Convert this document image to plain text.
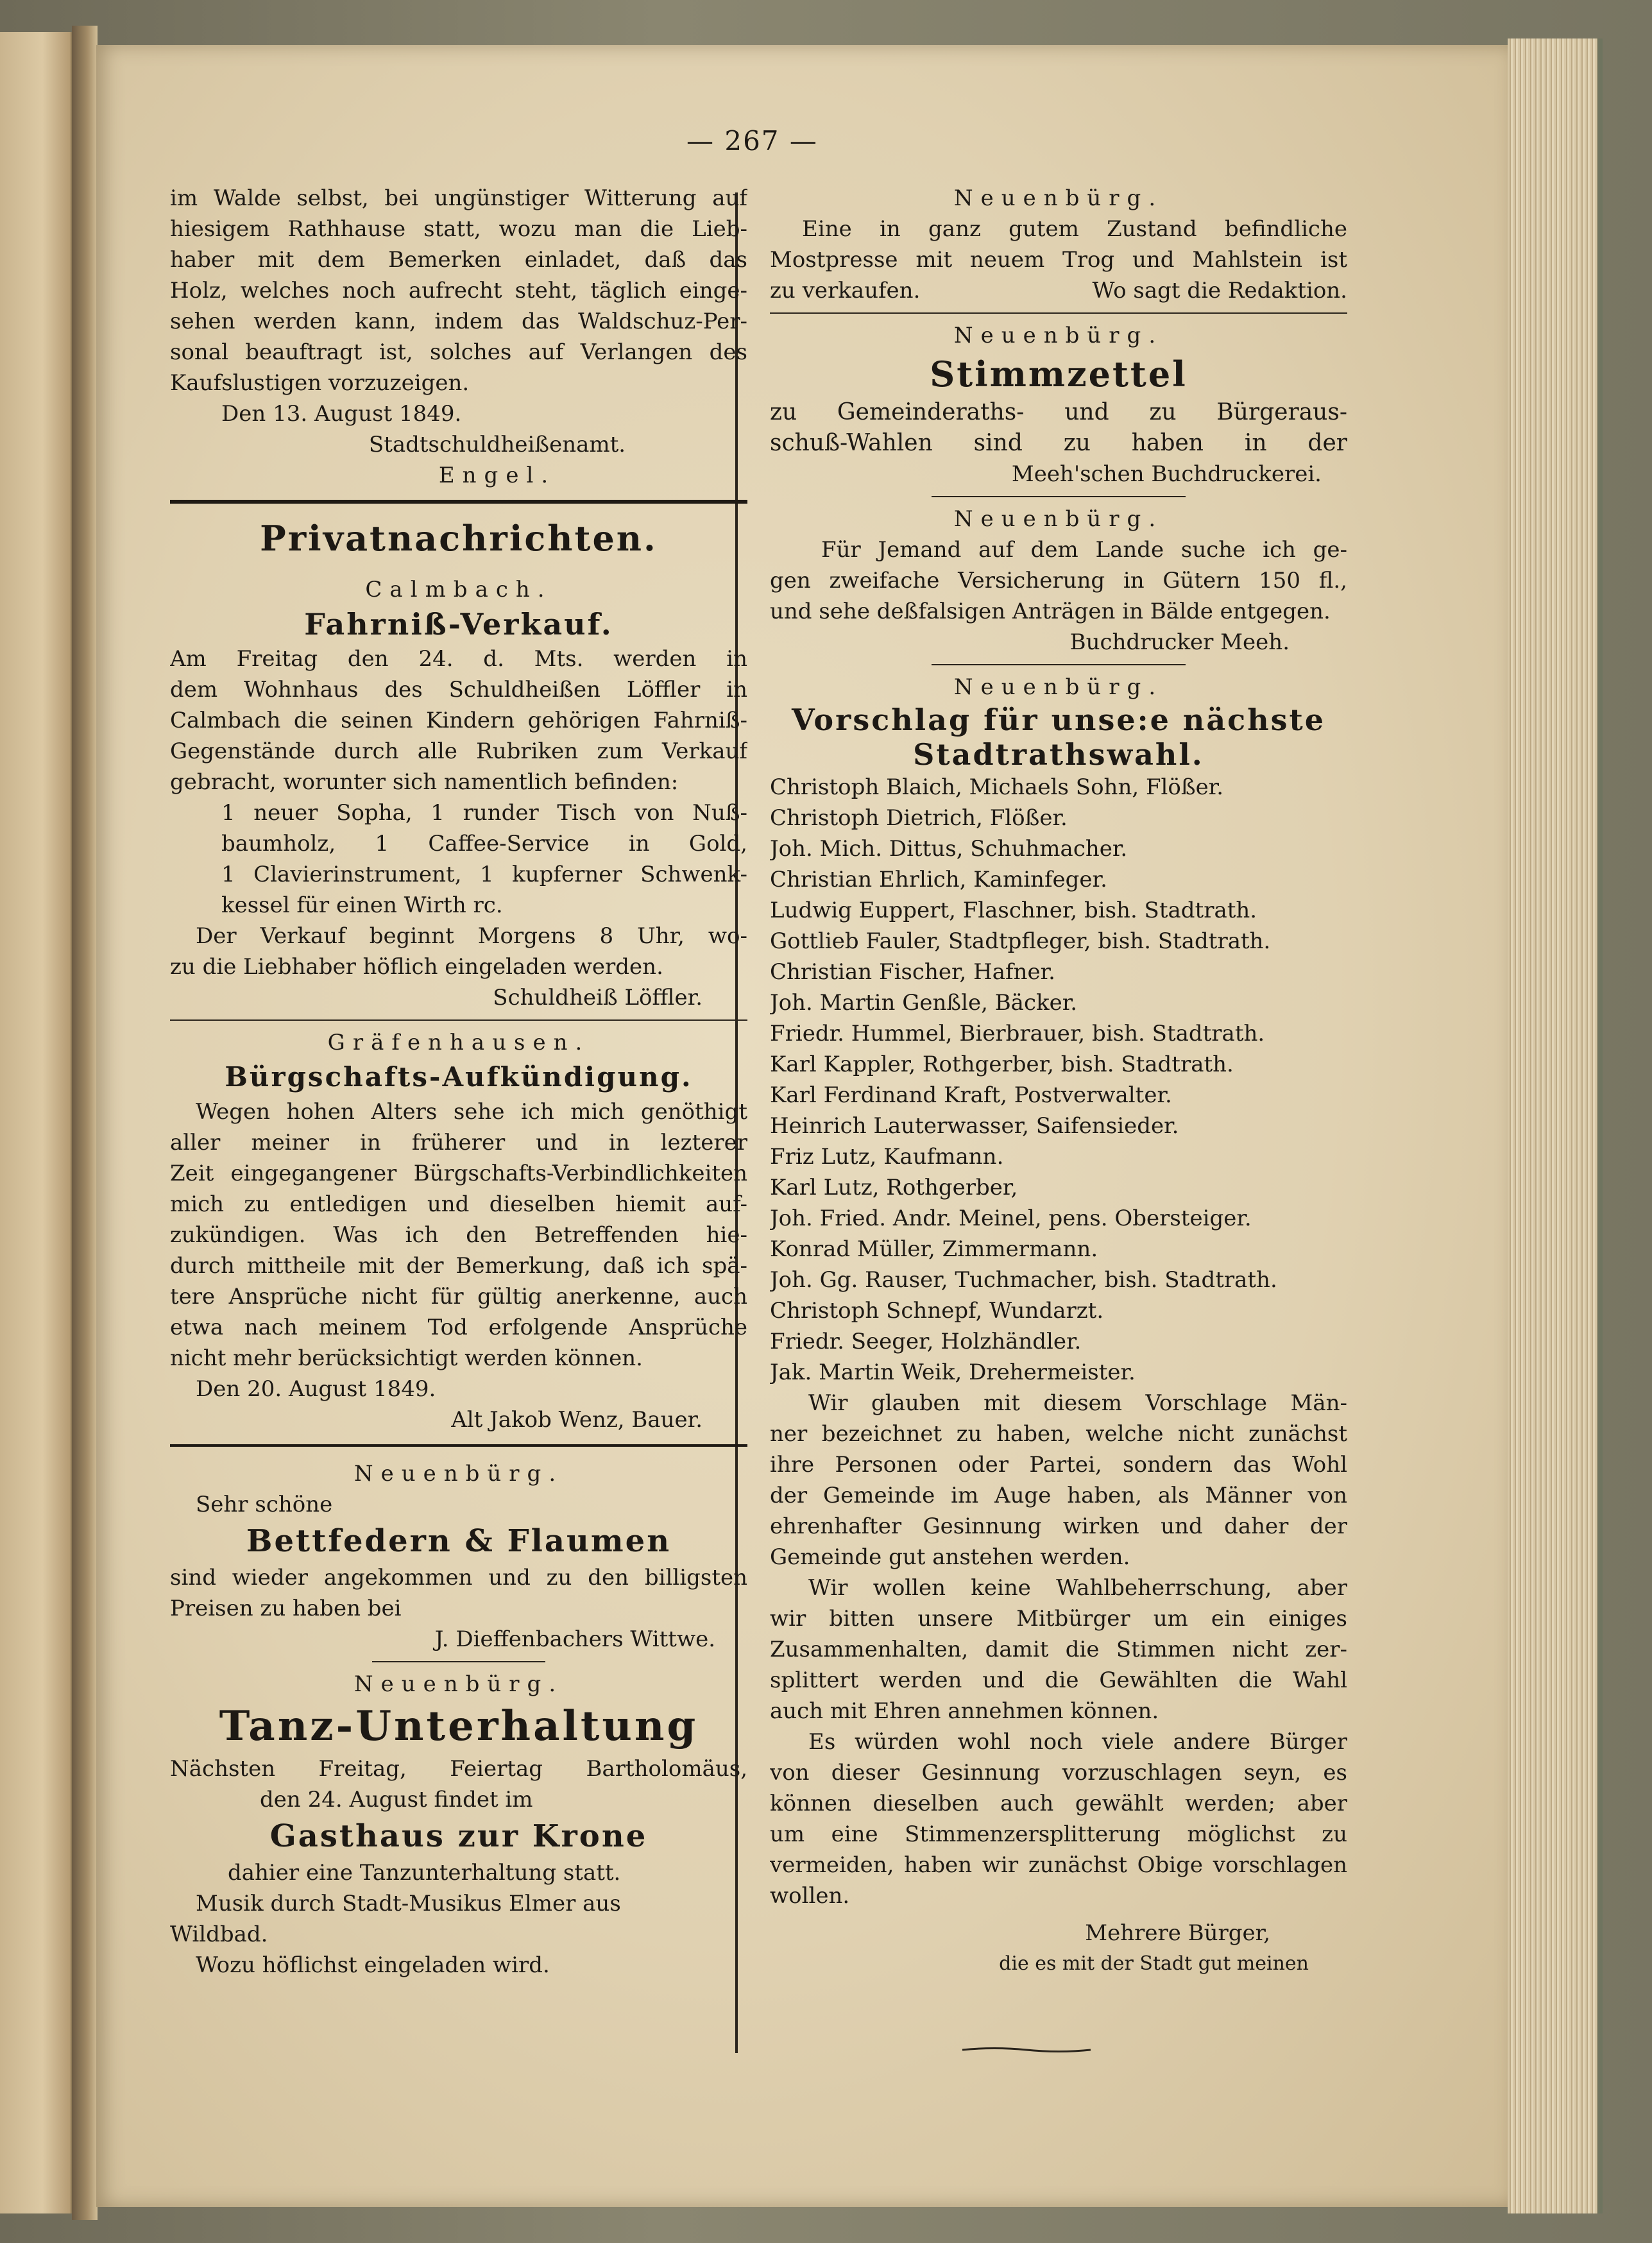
— 267 —
im Walde selbst, bei ungünstiger Witterung auf
hiesigem Rathhause statt, wozu man die Lieb-
haber mit dem Bemerken einladet, daß das
Holz, welches noch aufrecht steht, täglich einge-
sehen werden kann, indem das Waldschuz-Per-
sonal beauftragt ist, solches auf Verlangen des
Kaufslustigen vorzuzeigen.
Den 13. August 1849.
Stadtschuldheißenamt.
Engel.
Privatnachrichten.
Calmbach.
Fahrniß-Verkauf.
Am Freitag den 24. d. Mts. werden in
dem Wohnhaus des Schuldheißen Löffler in
Calmbach die seinen Kindern gehörigen Fahrniß-
Gegenstände durch alle Rubriken zum Verkauf
gebracht, worunter sich namentlich befinden:
1 neuer Sopha, 1 runder Tisch von Nuß-
baumholz, 1 Caffee-Service in Gold,
1 Clavierinstrument, 1 kupferner Schwenk-
kessel für einen Wirth rc.
Der Verkauf beginnt Morgens 8 Uhr, wo-
zu die Liebhaber höflich eingeladen werden.
Schuldheiß Löffler.
Gräfenhausen.
Bürgschafts-Aufkündigung.
Wegen hohen Alters sehe ich mich genöthigt
aller meiner in früherer und in lezterer
Zeit eingegangener Bürgschafts-Verbindlichkeiten
mich zu entledigen und dieselben hiemit auf-
zukündigen. Was ich den Betreffenden hie-
durch mittheile mit der Bemerkung, daß ich spä-
tere Ansprüche nicht für gültig anerkenne, auch
etwa nach meinem Tod erfolgende Ansprüche
nicht mehr berücksichtigt werden können.
Den 20. August 1849.
Alt Jakob Wenz, Bauer.
Neuenbürg.
Sehr schöne
Bettfedern & Flaumen
sind wieder angekommen und zu den billigsten
Preisen zu haben bei
J. Dieffenbachers Wittwe.
Neuenbürg.
Tanz-Unterhaltung
Nächsten Freitag, Feiertag Bartholomäus,
den 24. August findet im
Gasthaus zur Krone
dahier eine Tanzunterhaltung statt.
Musik durch Stadt-Musikus Elmer aus
Wildbad.
Wozu höflichst eingeladen wird.
Neuenbürg.
Eine in ganz gutem Zustand befindliche
Mostpresse mit neuem Trog und Mahlstein ist
zu verkaufen.	Wo sagt die Redaktion.
Neuenbürg.
Stimmzettel
zu Gemeinderaths- und zu Bürgeraus-
schuß-Wahlen sind zu haben in der
Meeh'schen Buchdruckerei.
Neuenbürg.
Für Jemand auf dem Lande suche ich ge-
gen zweifache Versicherung in Gütern 150 fl.,
und sehe deßfalsigen Anträgen in Bälde entgegen.
Buchdrucker Meeh.
Neuenbürg.
Vorschlag für unse:e nächste
Stadtrathswahl.
Christoph Blaich, Michaels Sohn, Flößer.
Christoph Dietrich, Flößer.
Joh. Mich. Dittus, Schuhmacher.
Christian Ehrlich, Kaminfeger.
Ludwig Euppert, Flaschner, bish. Stadtrath.
Gottlieb Fauler, Stadtpfleger, bish. Stadtrath.
Christian Fischer, Hafner.
Joh. Martin Genßle, Bäcker.
Friedr. Hummel, Bierbrauer, bish. Stadtrath.
Karl Kappler, Rothgerber, bish. Stadtrath.
Karl Ferdinand Kraft, Postverwalter.
Heinrich Lauterwasser, Saifensieder.
Friz Lutz, Kaufmann.
Karl Lutz, Rothgerber,
Joh. Fried. Andr. Meinel, pens. Obersteiger.
Konrad Müller, Zimmermann.
Joh. Gg. Rauser, Tuchmacher, bish. Stadtrath.
Christoph Schnepf, Wundarzt.
Friedr. Seeger, Holzhändler.
Jak. Martin Weik, Drehermeister.
Wir glauben mit diesem Vorschlage Män-
ner bezeichnet zu haben, welche nicht zunächst
ihre Personen oder Partei, sondern das Wohl
der Gemeinde im Auge haben, als Männer von
ehrenhafter Gesinnung wirken und daher der
Gemeinde gut anstehen werden.
Wir wollen keine Wahlbeherrschung, aber
wir bitten unsere Mitbürger um ein einiges
Zusammenhalten, damit die Stimmen nicht zer-
splittert werden und die Gewählten die Wahl
auch mit Ehren annehmen können.
Es würden wohl noch viele andere Bürger
von dieser Gesinnung vorzuschlagen seyn, es
können dieselben auch gewählt werden; aber
um eine Stimmenzersplitterung möglichst zu
vermeiden, haben wir zunächst Obige vorschlagen
wollen.
Mehrere Bürger,
die es mit der Stadt gut meinen
